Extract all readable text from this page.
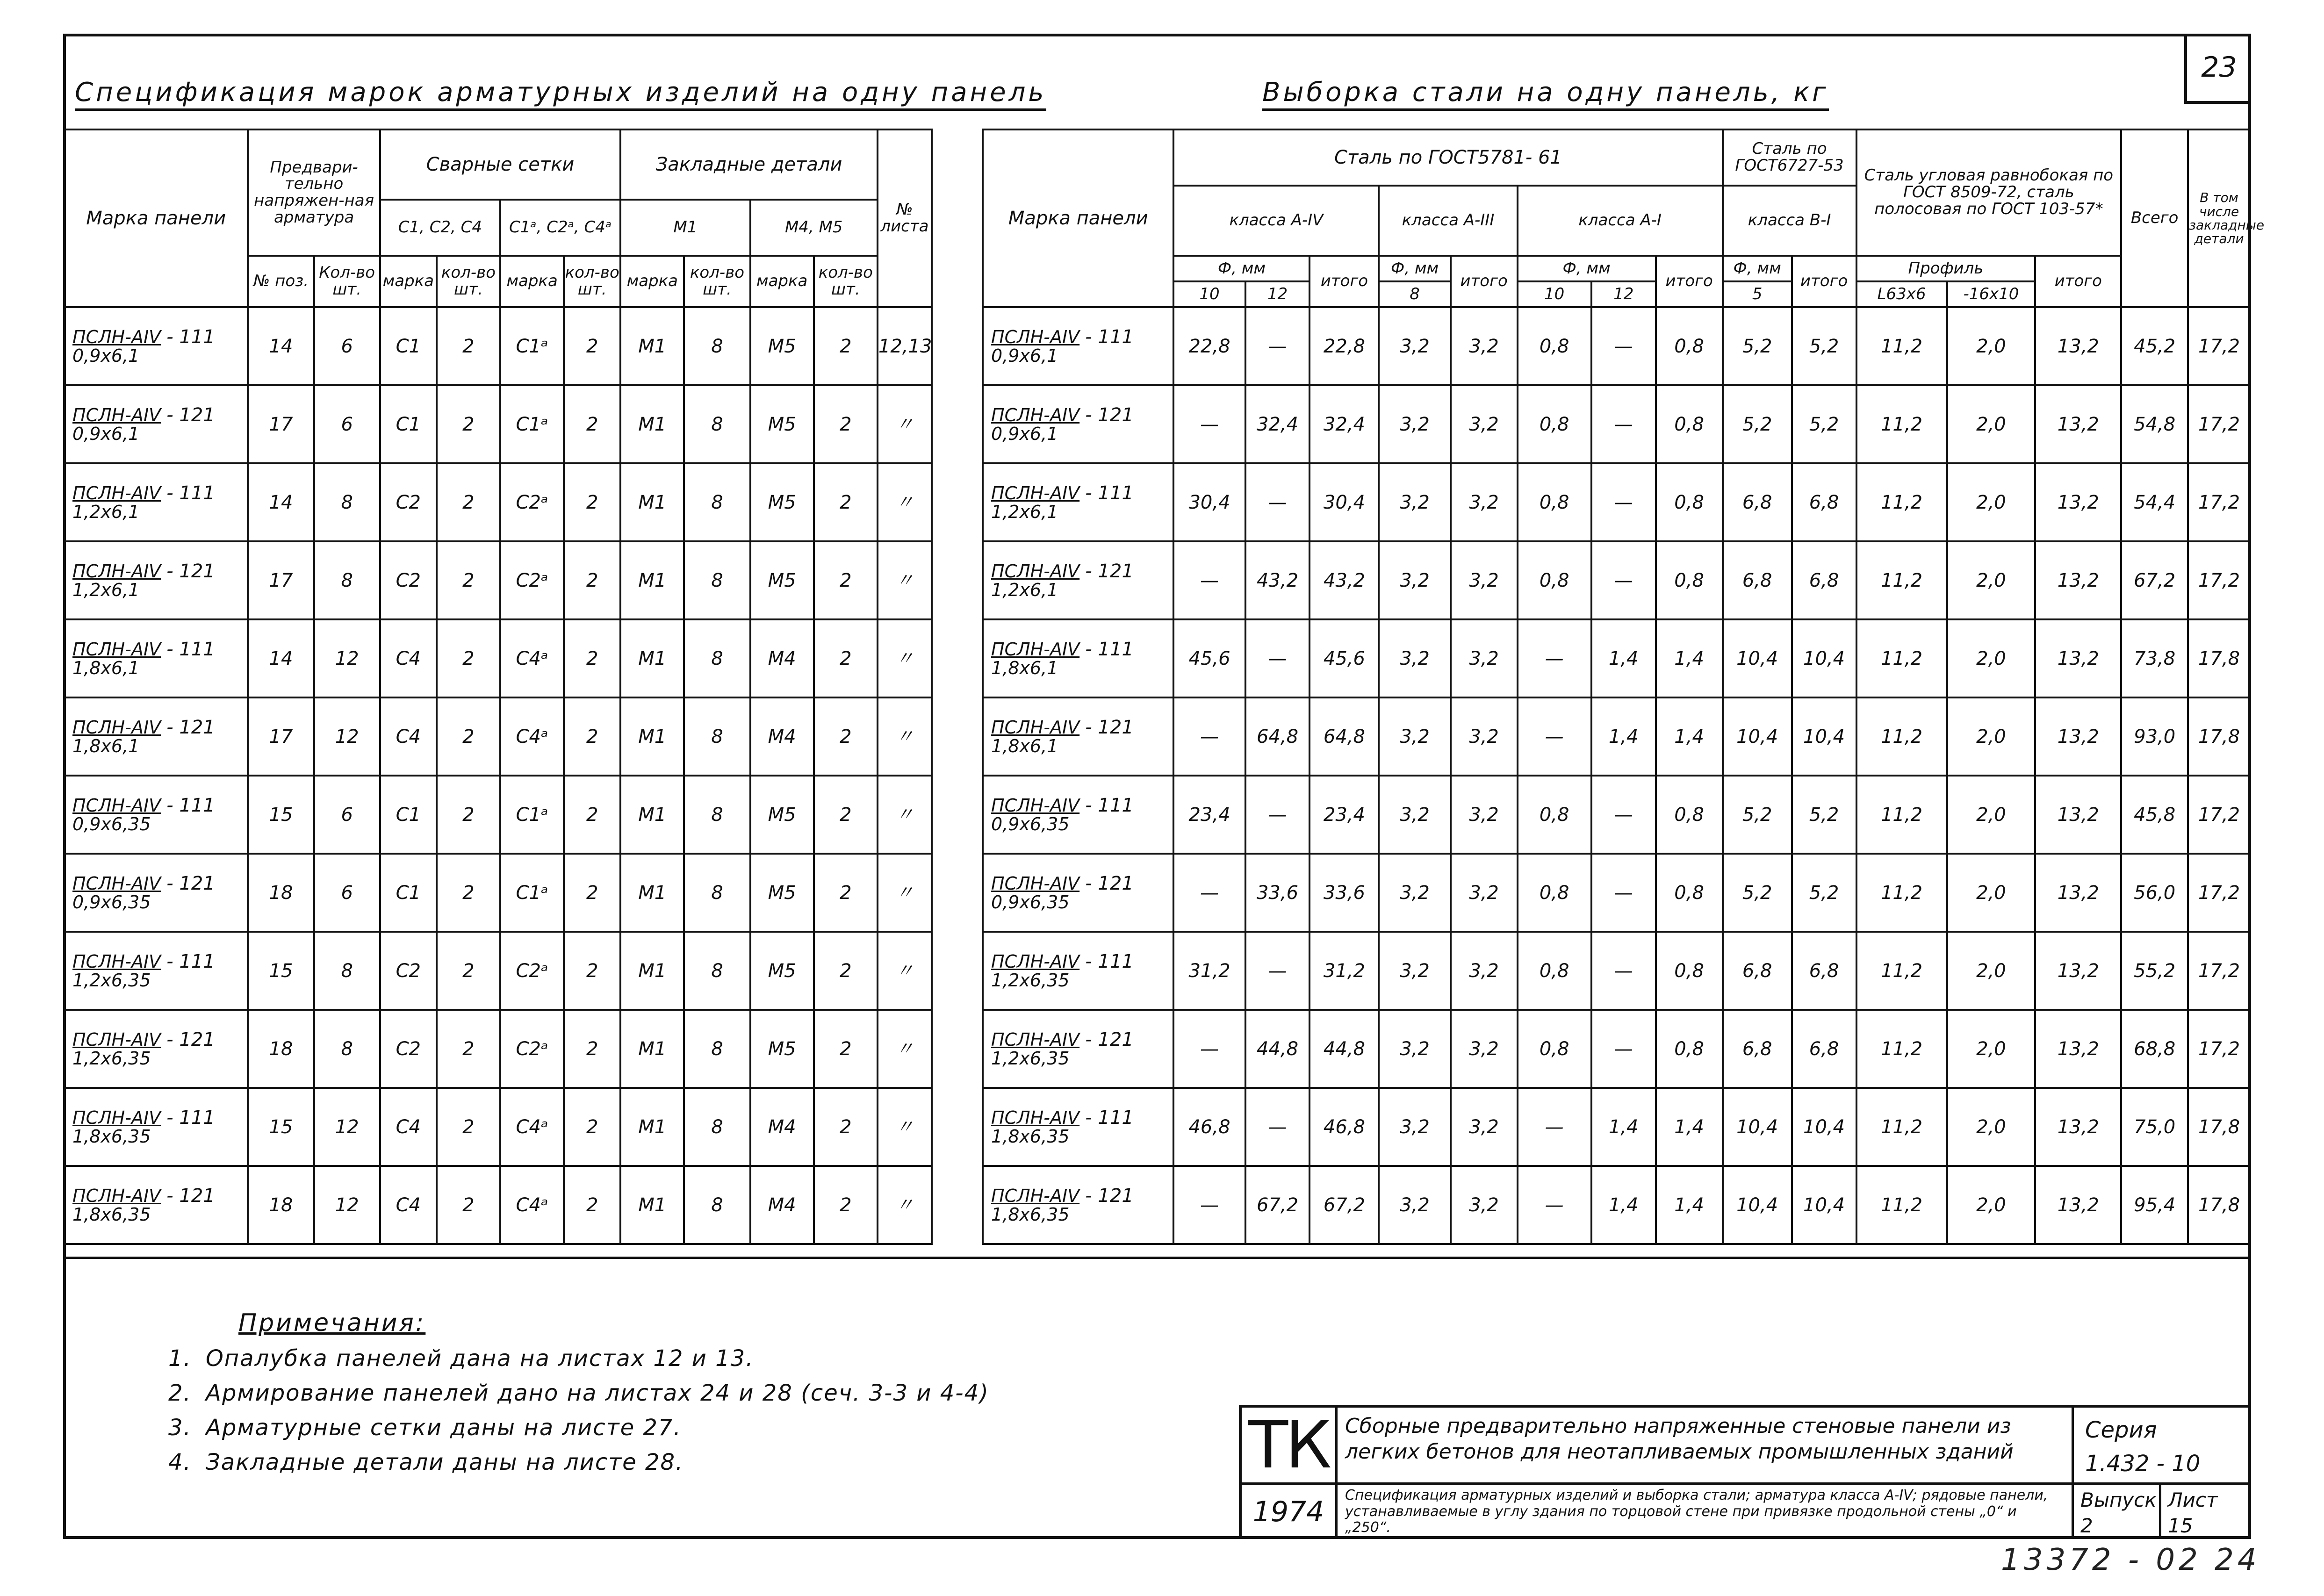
23
Спецификация марок арматурных изделий на одну панель	Выборка стали на одну панель, кг
Марка панели	Предвари-тельно напряжен-ная арматура		Сварные сетки				Закладные детали				№ листа
			С1, С2, С4		С1ᵃ, С2ᵃ, С4ᵃ		М1		М4, М5		
	№ поз.	Кол-во шт.	марка	кол-во шт.	марка	кол-во шт.	марка	кол-во шт.	марка	кол-во шт.	
ПСЛН-АIV - 111
0,9х6,1	14	6	С1	2	С1ᵃ	2	М1	8	М5	2	12,13
ПСЛН-АIV - 121
0,9х6,1	17	6	С1	2	С1ᵃ	2	М1	8	М5	2	〃
ПСЛН-АIV - 111
1,2х6,1	14	8	С2	2	С2ᵃ	2	М1	8	М5	2	〃
ПСЛН-АIV - 121
1,2х6,1	17	8	С2	2	С2ᵃ	2	М1	8	М5	2	〃
ПСЛН-АIV - 111
1,8х6,1	14	12	С4	2	С4ᵃ	2	М1	8	М4	2	〃
ПСЛН-АIV - 121
1,8х6,1	17	12	С4	2	С4ᵃ	2	М1	8	М4	2	〃
ПСЛН-АIV - 111
0,9х6,35	15	6	С1	2	С1ᵃ	2	М1	8	М5	2	〃
ПСЛН-АIV - 121
0,9х6,35	18	6	С1	2	С1ᵃ	2	М1	8	М5	2	〃
ПСЛН-АIV - 111
1,2х6,35	15	8	С2	2	С2ᵃ	2	М1	8	М5	2	〃
ПСЛН-АIV - 121
1,2х6,35	18	8	С2	2	С2ᵃ	2	М1	8	М5	2	〃
ПСЛН-АIV - 111
1,8х6,35	15	12	С4	2	С4ᵃ	2	М1	8	М4	2	〃
ПСЛН-АIV - 121
1,8х6,35	18	12	С4	2	С4ᵃ	2	М1	8	М4	2	〃
Марка панели	Сталь по ГОСТ5781- 61								Сталь по ГОСТ6727-53		Сталь угловая равнобокая по ГОСТ 8509-72, сталь полосовая по ГОСТ 103-57*			Всего	В том числе закладные детали
	класса А-IV			класса А-III		класса А-I			класса В-I						
	Ф, мм		итого	Ф, мм	итого	Ф, мм		итого	Ф, мм	итого	Профиль		итого		
	10	12		8		10	12		5		L63х6	-16х10			
ПСЛН-АIV - 111
0,9х6,1	22,8	—	22,8	3,2	3,2	0,8	—	0,8	5,2	5,2	11,2	2,0	13,2	45,2	17,2
ПСЛН-АIV - 121
0,9х6,1	—	32,4	32,4	3,2	3,2	0,8	—	0,8	5,2	5,2	11,2	2,0	13,2	54,8	17,2
ПСЛН-АIV - 111
1,2х6,1	30,4	—	30,4	3,2	3,2	0,8	—	0,8	6,8	6,8	11,2	2,0	13,2	54,4	17,2
ПСЛН-АIV - 121
1,2х6,1	—	43,2	43,2	3,2	3,2	0,8	—	0,8	6,8	6,8	11,2	2,0	13,2	67,2	17,2
ПСЛН-АIV - 111
1,8х6,1	45,6	—	45,6	3,2	3,2	—	1,4	1,4	10,4	10,4	11,2	2,0	13,2	73,8	17,8
ПСЛН-АIV - 121
1,8х6,1	—	64,8	64,8	3,2	3,2	—	1,4	1,4	10,4	10,4	11,2	2,0	13,2	93,0	17,8
ПСЛН-АIV - 111
0,9х6,35	23,4	—	23,4	3,2	3,2	0,8	—	0,8	5,2	5,2	11,2	2,0	13,2	45,8	17,2
ПСЛН-АIV - 121
0,9х6,35	—	33,6	33,6	3,2	3,2	0,8	—	0,8	5,2	5,2	11,2	2,0	13,2	56,0	17,2
ПСЛН-АIV - 111
1,2х6,35	31,2	—	31,2	3,2	3,2	0,8	—	0,8	6,8	6,8	11,2	2,0	13,2	55,2	17,2
ПСЛН-АIV - 121
1,2х6,35	—	44,8	44,8	3,2	3,2	0,8	—	0,8	6,8	6,8	11,2	2,0	13,2	68,8	17,2
ПСЛН-АIV - 111
1,8х6,35	46,8	—	46,8	3,2	3,2	—	1,4	1,4	10,4	10,4	11,2	2,0	13,2	75,0	17,8
ПСЛН-АIV - 121
1,8х6,35	—	67,2	67,2	3,2	3,2	—	1,4	1,4	10,4	10,4	11,2	2,0	13,2	95,4	17,8
Примечания:
1. Опалубка панелей дана на листах 12 и 13.
2. Армирование панелей дано на листах 24 и 28 (сеч. 3-3 и 4-4)
3. Арматурные сетки даны на листе 27.
4. Закладные детали даны на листе 28.	ТК
1974
Сборные предварительно напряженные стеновые панели из легких бетонов для неотапливаемых промышленных зданий
Спецификация арматурных изделий и выборка стали; арматура класса А-IV; рядовые панели, устанавливаемые в углу здания по торцовой стене при привязке продольной стены „0“ и „250“.
Серия
1.432 - 10
Выпуск
2
Лист
15
13372 - 02 24
